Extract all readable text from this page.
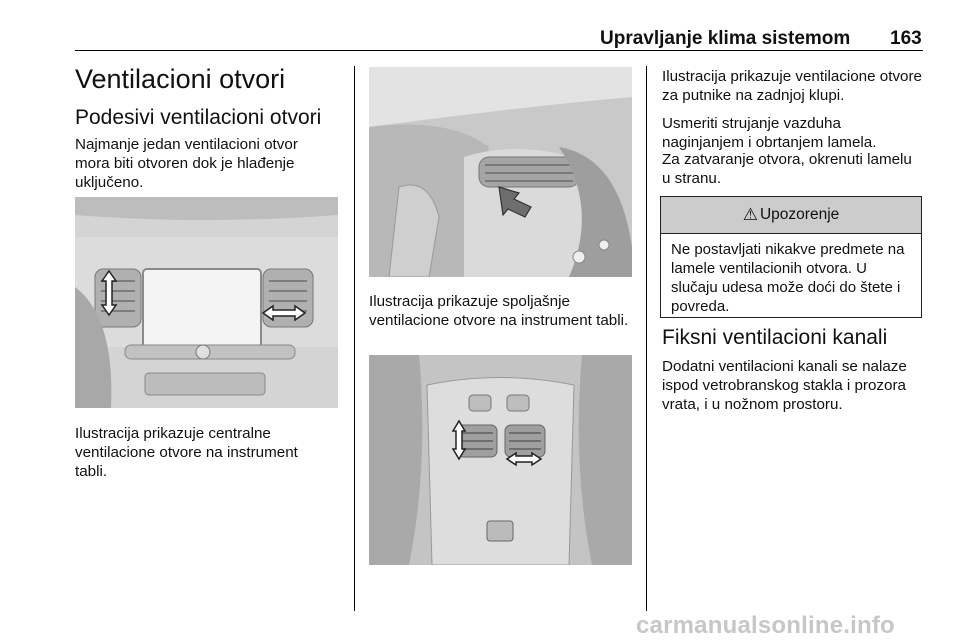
Upravljanje klima sistemom 163
Ventilacioni otvori
Podesivi ventilacioni otvori

Najmanje jedan ventilacioni otvor mora biti otvoren dok je hlađenje uključeno.

Ilustracija prikazuje centralne ventilacione otvore na instrument tabli.

Ilustracija prikazuje spoljašnje ventilacione otvore na instrument tabli.

Ilustracija prikazuje ventilacione otvore za putnike na zadnjoj klupi.

Usmeriti strujanje vazduha naginjanjem i obrtanjem lamela.

Za zatvaranje otvora, okrenuti lamelu u stranu.

⚠ Upozorenje
Ne postavljati nikakve predmete na lamele ventilacionih otvora. U slučaju udesa može doći do štete i povreda.
Fiksni ventilacioni kanali

Dodatni ventilacioni kanali se nalaze ispod vetrobranskog stakla i prozora vrata, i u nožnom prostoru.

carmanualsonline.info
